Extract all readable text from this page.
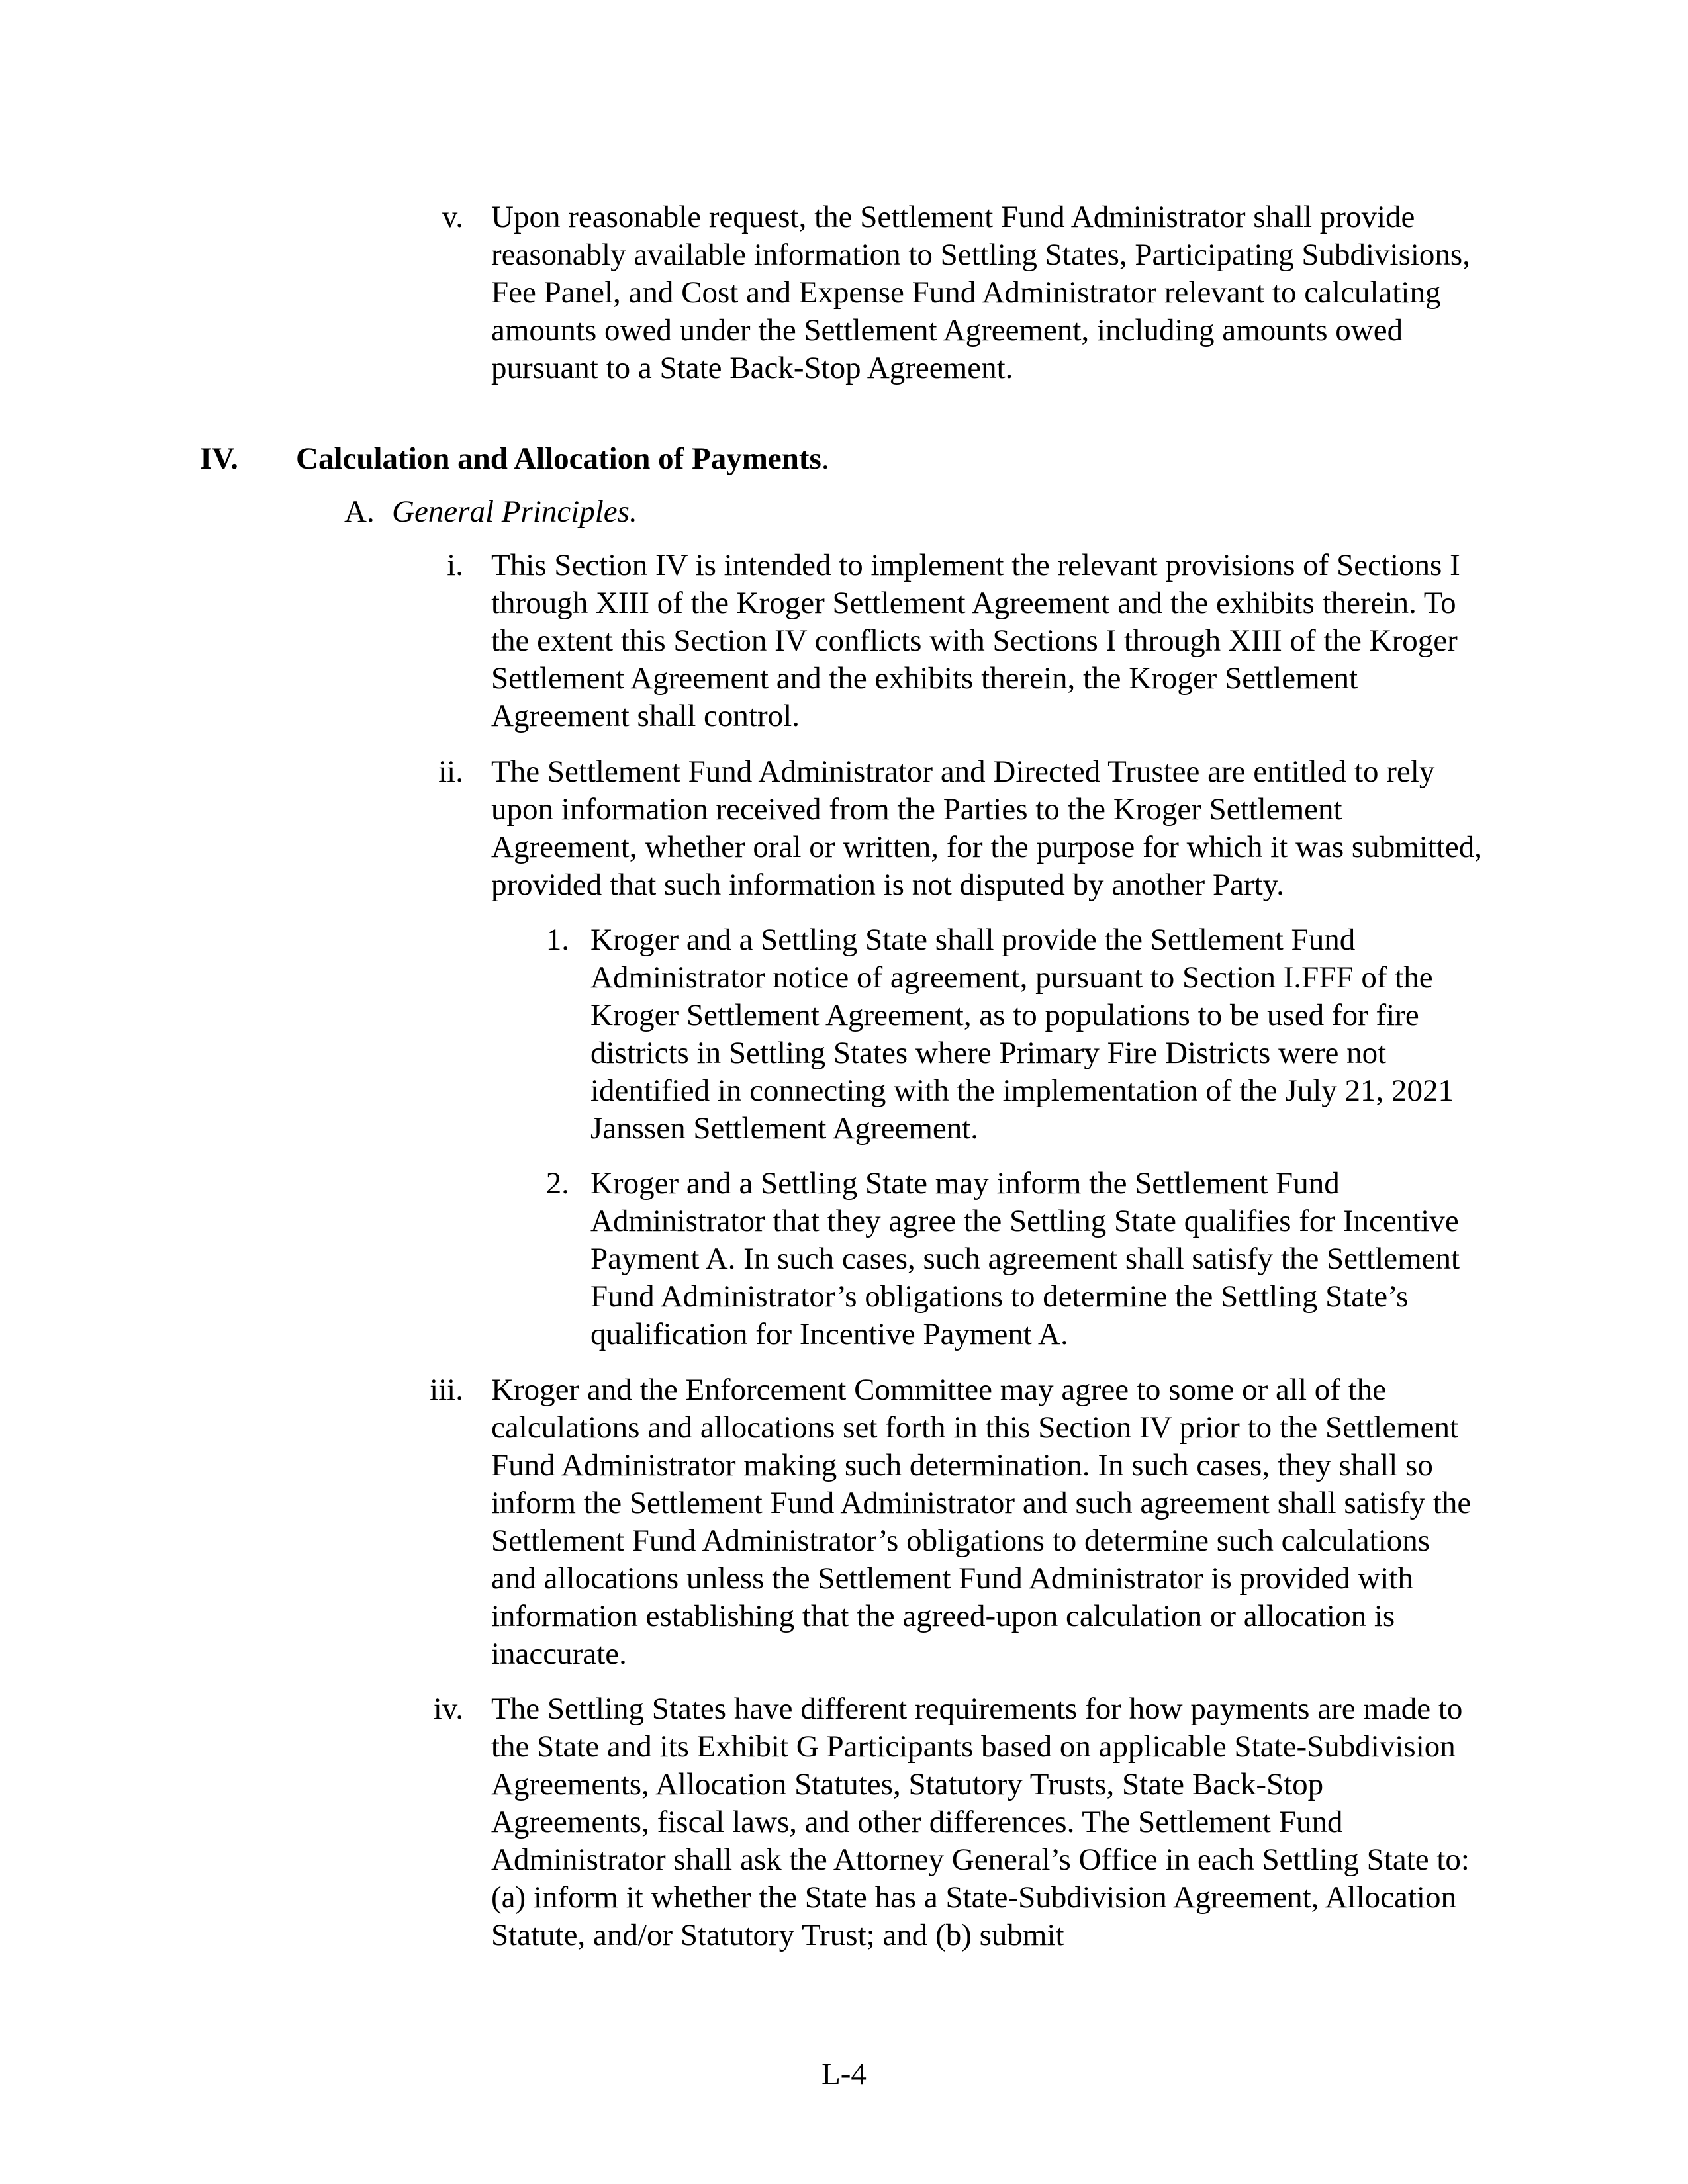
v. Upon reasonable request, the Settlement Fund Administrator shall provide reasonably available information to Settling States, Participating Subdivisions, Fee Panel, and Cost and Expense Fund Administrator relevant to calculating amounts owed under the Settlement Agreement, including amounts owed pursuant to a State Back-Stop Agreement.

IV. Calculation and Allocation of Payments.
A. General Principles.
i. This Section IV is intended to implement the relevant provisions of Sections I through XIII of the Kroger Settlement Agreement and the exhibits therein. To the extent this Section IV conflicts with Sections I through XIII of the Kroger Settlement Agreement and the exhibits therein, the Kroger Settlement Agreement shall control.

ii. The Settlement Fund Administrator and Directed Trustee are entitled to rely upon information received from the Parties to the Kroger Settlement Agreement, whether oral or written, for the purpose for which it was submitted, provided that such information is not disputed by another Party.

1. Kroger and a Settling State shall provide the Settlement Fund Administrator notice of agreement, pursuant to Section I.FFF of the Kroger Settlement Agreement, as to populations to be used for fire districts in Settling States where Primary Fire Districts were not identified in connecting with the implementation of the July 21, 2021 Janssen Settlement Agreement.

2. Kroger and a Settling State may inform the Settlement Fund Administrator that they agree the Settling State qualifies for Incentive Payment A. In such cases, such agreement shall satisfy the Settlement Fund Administrator’s obligations to determine the Settling State’s qualification for Incentive Payment A.

iii. Kroger and the Enforcement Committee may agree to some or all of the calculations and allocations set forth in this Section IV prior to the Settlement Fund Administrator making such determination. In such cases, they shall so inform the Settlement Fund Administrator and such agreement shall satisfy the Settlement Fund Administrator’s obligations to determine such calculations and allocations unless the Settlement Fund Administrator is provided with information establishing that the agreed-upon calculation or allocation is inaccurate.

iv. The Settling States have different requirements for how payments are made to the State and its Exhibit G Participants based on applicable State-Subdivision Agreements, Allocation Statutes, Statutory Trusts, State Back-Stop Agreements, fiscal laws, and other differences. The Settlement Fund Administrator shall ask the Attorney General’s Office in each Settling State to: (a) inform it whether the State has a State-Subdivision Agreement, Allocation Statute, and/or Statutory Trust; and (b) submit

L-4
